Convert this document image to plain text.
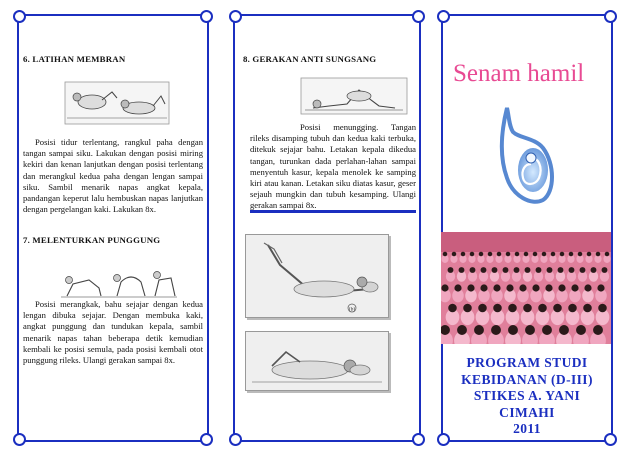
6. LATIHAN MEMBRAN
Posisi tidur terlentang, rangkul paha dengan tangan sampai siku. Lakukan dengan posisi miring kekiri dan kenan lanjutkan dengan posisi terlentang dan merangkul kedua paha dengan lengan sampai siku. Sambil menarik napas angkat kepala, pandangan keperut lalu hembuskan napas lanjutkan dengan pergelangan kaki. Lakukan 8x.
7. MELENTURKAN PUNGGUNG
Posisi merangkak, bahu sejajar dengan kedua lengan dibuka sejajar. Dengan membuka kaki, angkat punggung dan tundukan kepala, sambil menarik napas tahan beberapa detik kemudian kembali ke posisi semula, pada posisi kembali otot punggung rileks. Ulangi gerakan sampai 8x.
8. GERAKAN ANTI SUNGSANG
Posisi menungging. Tangan rileks disamping tubuh dan kedua kaki terbuka, ditekuk sejajar bahu. Letakan kepala dikedua tangan, turunkan dada perlahan-lahan sampai menyentuh kasur, kepala menolek ke samping kiri atau kanan. Letakan siku diatas kasur, geser sejauh mungkin dan tubuh kesamping. Ulangi gerakan sampai 8x.
(b)
Senam hamil
PROGRAM STUDI
KEBIDANAN (D-III)
STIKES A. YANI
CIMAHI
2011
